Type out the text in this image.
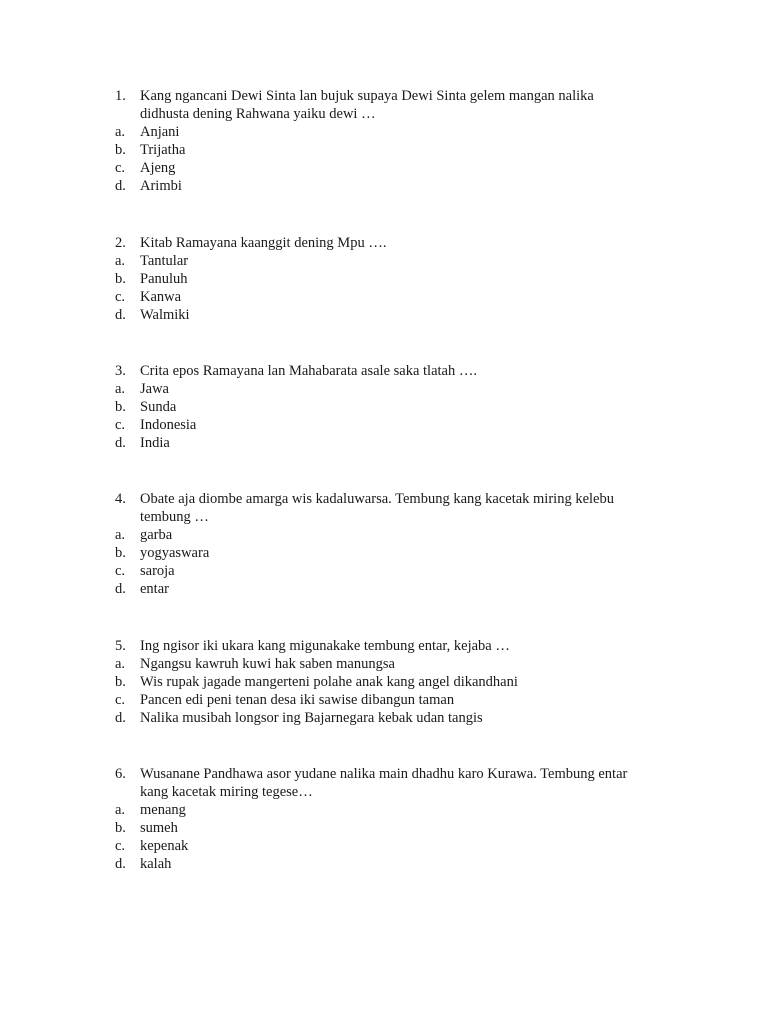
1. Kang ngancani Dewi Sinta lan bujuk supaya Dewi Sinta gelem mangan nalika
didhusta dening Rahwana yaiku dewi …
a.	Anjani
b. Trijatha
c.	Ajeng
d. Arimbi
2. Kitab Ramayana kaanggit dening Mpu ….
a.	Tantular
b. Panuluh
c.	Kanwa
d. Walmiki
3. Crita epos Ramayana lan Mahabarata asale saka tlatah ….
a.	Jawa
b. Sunda
c.	Indonesia
d. India
4. Obate aja diombe amarga wis kadaluwarsa. Tembung kang kacetak miring kelebu
tembung …
a.	garba
b. yogyaswara
c.	saroja
d. entar
5. Ing ngisor iki ukara kang migunakake tembung entar, kejaba …
a.	Ngangsu kawruh kuwi hak saben manungsa
b. Wis rupak jagade mangerteni polahe anak kang angel dikandhani
c.	Pancen edi peni tenan desa iki sawise dibangun taman
d. Nalika musibah longsor ing Bajarnegara kebak udan tangis
6. Wusanane Pandhawa asor yudane nalika main dhadhu karo Kurawa. Tembung entar
kang kacetak miring tegese…
a.	menang
b. sumeh
c.	kepenak
d. kalah
